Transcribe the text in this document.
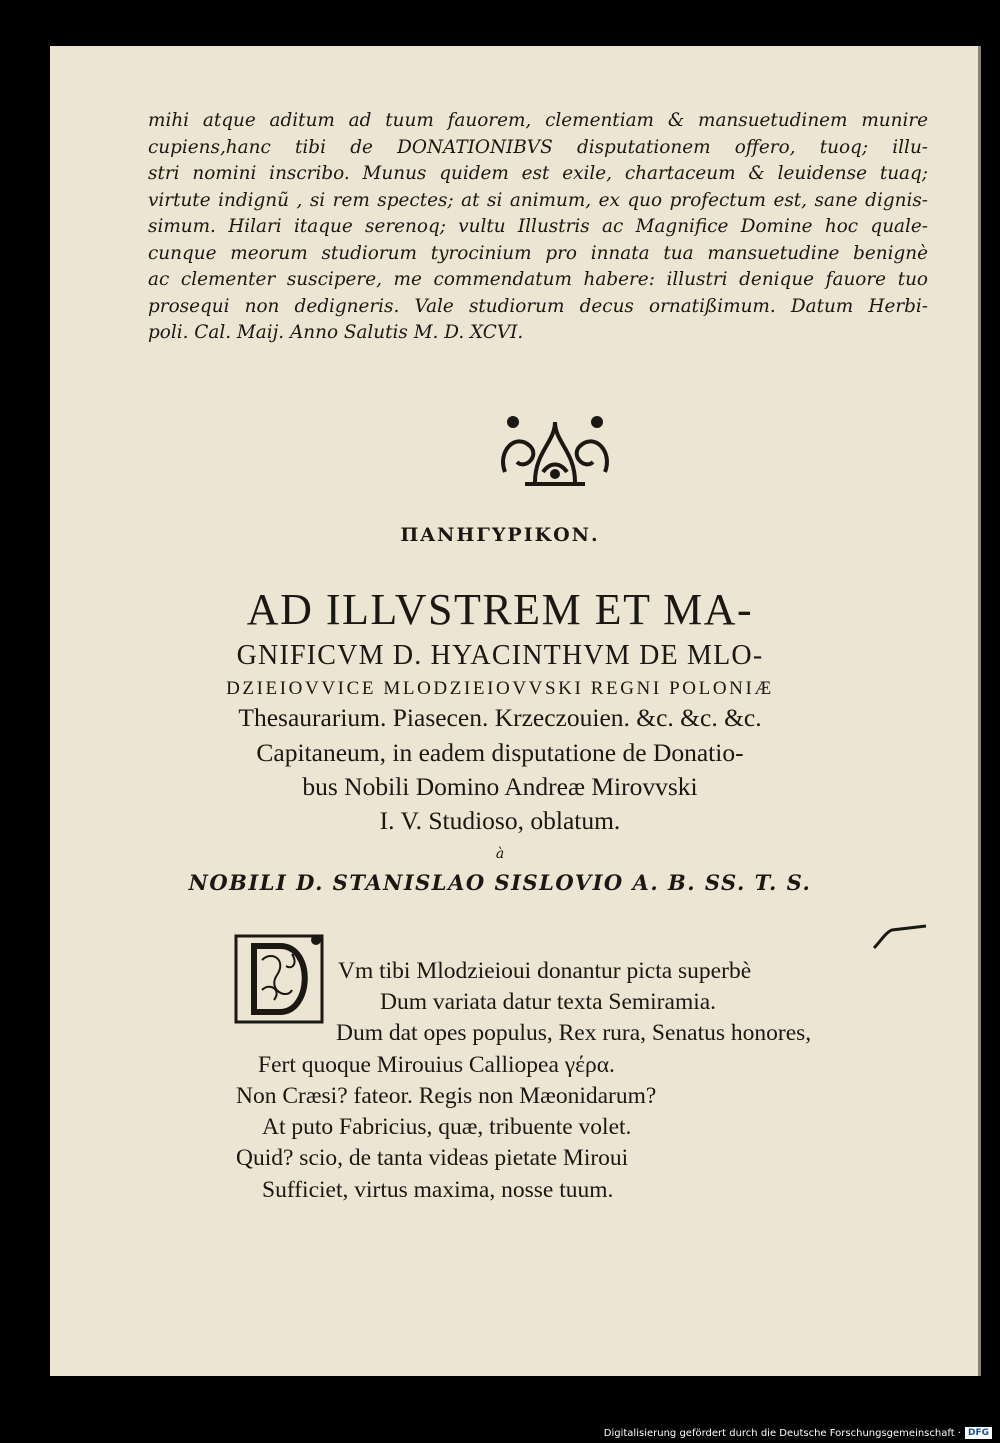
mihi atque aditum ad tuum fauorem, clementiam & mansuetudinem munire
cupiens,hanc tibi de DONATIONIBVS disputationem offero, tuoq; illu-
stri nomini inscribo. Munus quidem est exile, chartaceum & leuidense tuaq;
virtute indignũ , si rem spectes; at si animum, ex quo profectum est, sane dignis-
simum. Hilari itaque serenoq; vultu Illustris ac Magnifice Domine hoc quale-
cunque meorum studiorum tyrocinium pro innata tua mansuetudine benignè
ac clementer suscipere, me commendatum habere: illustri denique fauore tuo
prosequi non dedigneris. Vale studiorum decus ornatißimum. Datum Herbi-
poli. Cal. Maij. Anno Salutis M. D. XCVI.
ΠΑΝΗΓΥΡΙΚΟΝ.
AD ILLVSTREM ET MA-
GNIFICVM D. HYACINTHVM DE MLO-
DZIEIOVVICE MLODZIEIOVVSKI REGNI POLONIÆ
Thesaurarium. Piasecen. Krzeczouien. &c. &c. &c.
Capitaneum, in eadem disputatione de Donatio-
bus Nobili Domino Andreæ Mirovvski
I. V. Studioso, oblatum.
à
NOBILI D. STANISLAO SISLOVIO A. B. SS. T. S.
Vm tibi Mlodzieioui donantur picta superbè
Dum variata datur texta Semiramia.
Dum dat opes populus, Rex rura, Senatus honores,
Fert quoque Mirouius Calliopea γέρα.
Non Cræsi? fateor. Regis non Mæonidarum?
At puto Fabricius, quæ, tribuente volet.
Quid? scio, de tanta videas pietate Miroui
Sufficiet, virtus maxima, nosse tuum.
Digitalisierung gefördert durch die Deutsche Forschungsgemeinschaft · DFG
